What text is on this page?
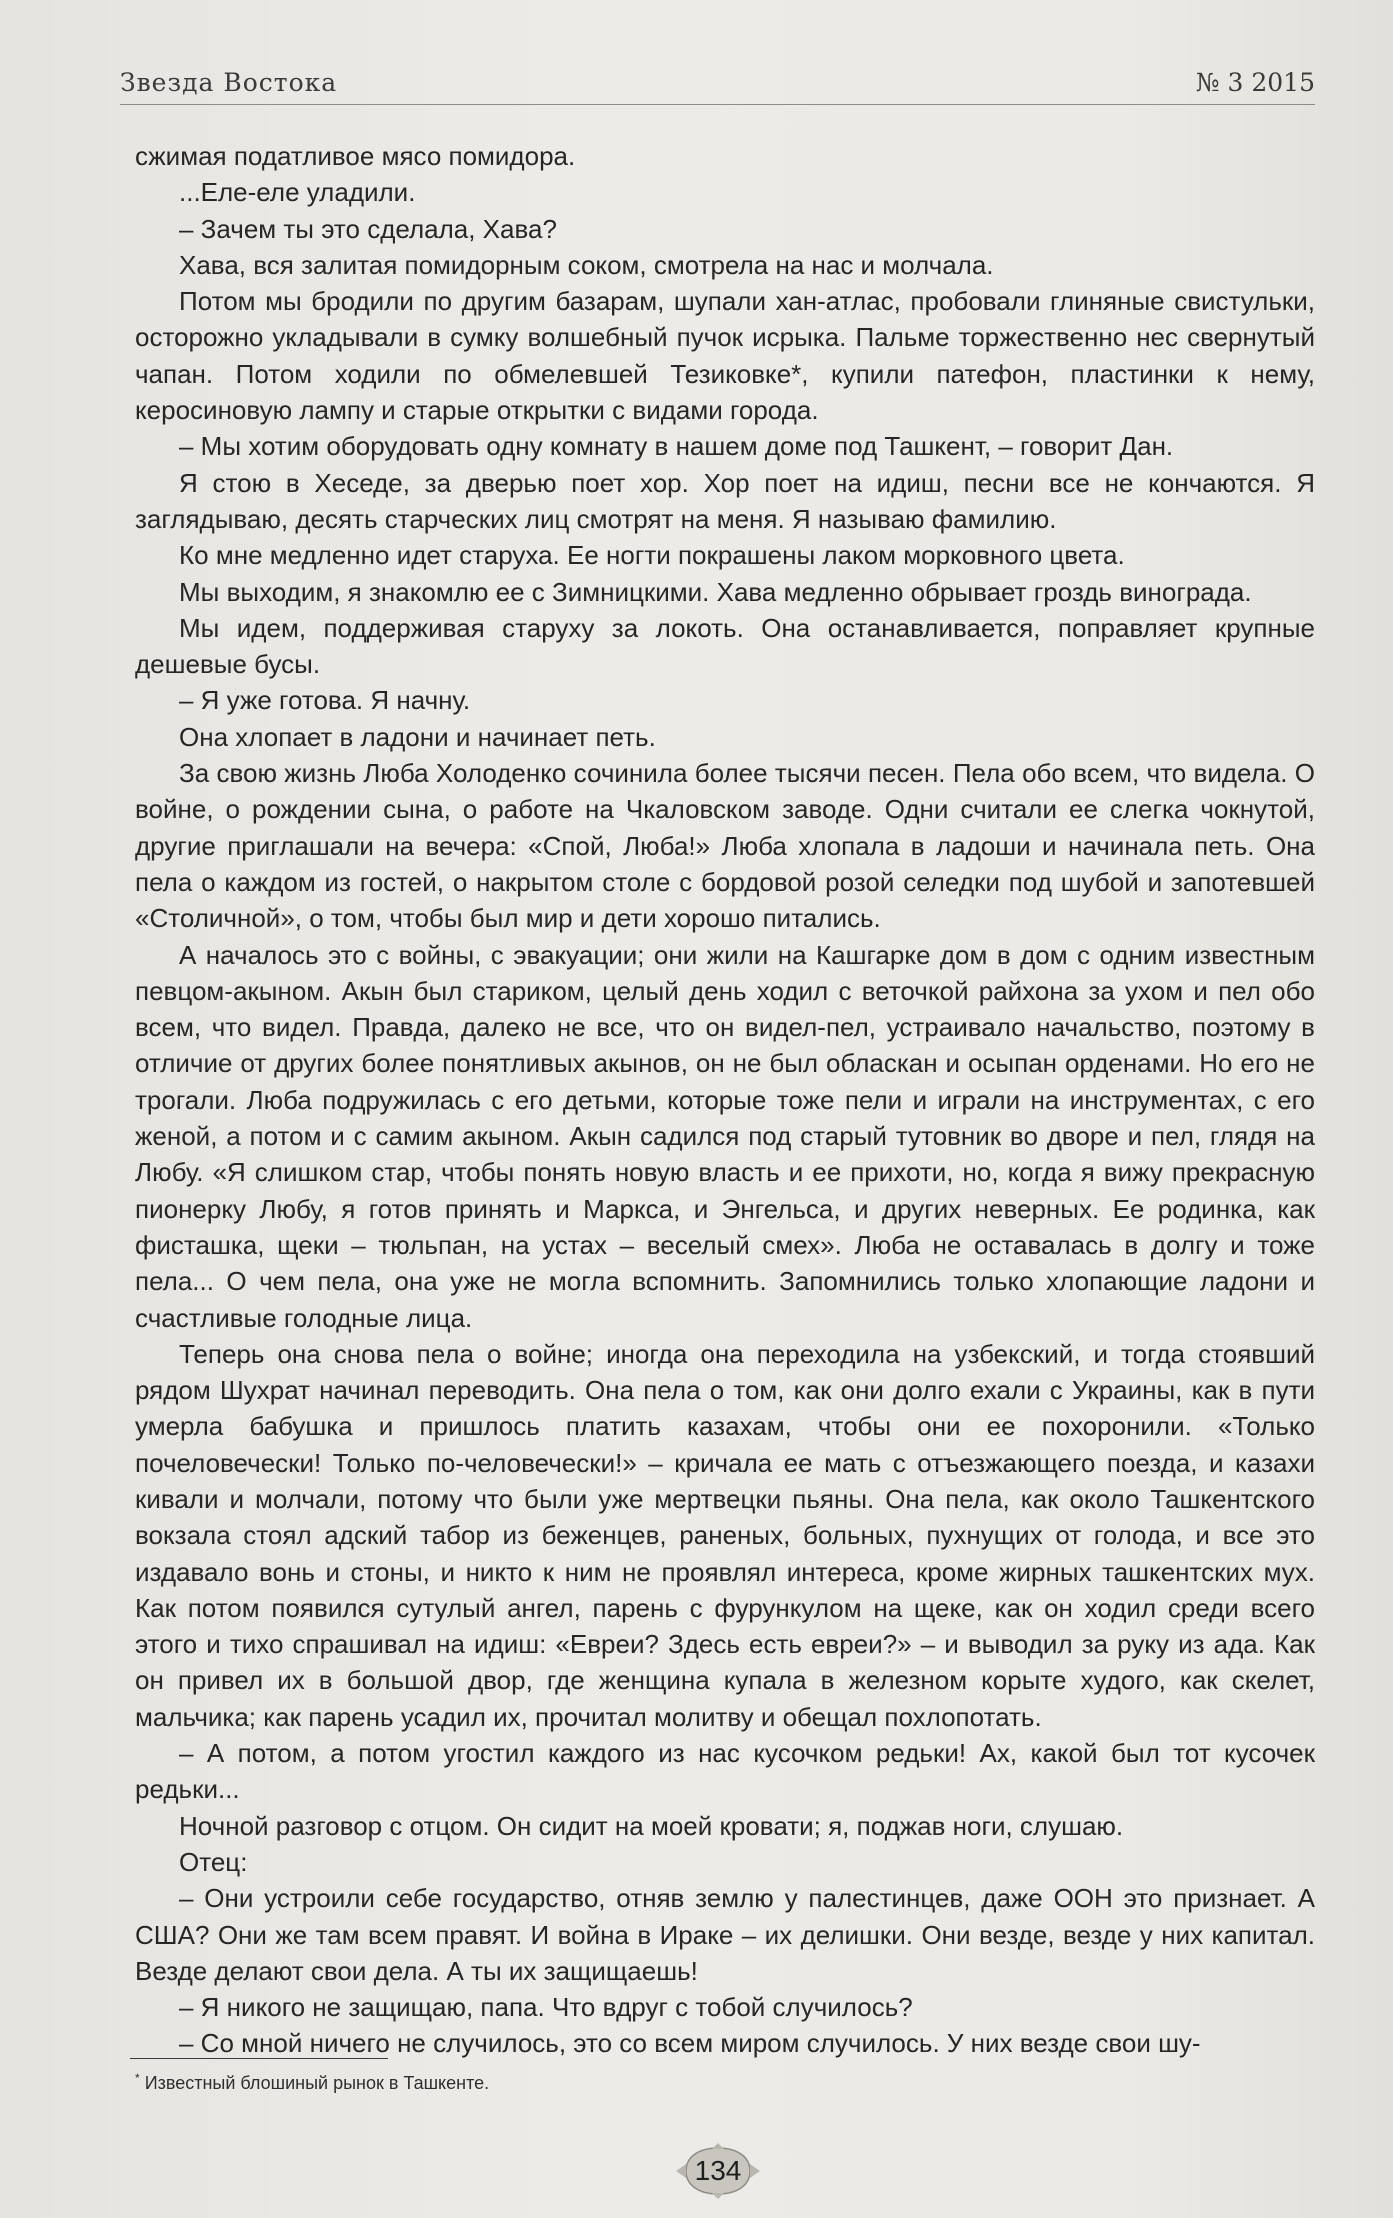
Звезда Востока	№ 3 2015

сжимая податливое мясо помидора.

...Еле-еле уладили.

– Зачем ты это сделала, Хава?

Хава, вся залитая помидорным соком, смотрела на нас и молчала.

Потом мы бродили по другим базарам, шупали хан-атлас, пробовали глиняные свистульки, осторожно укладывали в сумку волшебный пучок исрыка. Пальме торжественно нес свернутый чапан. Потом ходили по обмелевшей Тезиковке*, купили патефон, пластинки к нему, керосиновую лампу и старые открытки с видами города.

– Мы хотим оборудовать одну комнату в нашем доме под Ташкент, – говорит Дан.

Я стою в Хеседе, за дверью поет хор. Хор поет на идиш, песни все не кончаются. Я заглядываю, десять старческих лиц смотрят на меня. Я называю фамилию.

Ко мне медленно идет старуха. Ее ногти покрашены лаком морковного цвета.

Мы выходим, я знакомлю ее с Зимницкими. Хава медленно обрывает гроздь винограда.

Мы идем, поддерживая старуху за локоть. Она останавливается, поправляет крупные дешевые бусы.

– Я уже готова. Я начну.

Она хлопает в ладони и начинает петь.

За свою жизнь Люба Холоденко сочинила более тысячи песен. Пела обо всем, что видела. О войне, о рождении сына, о работе на Чкаловском заводе. Одни считали ее слегка чокнутой, другие приглашали на вечера: «Спой, Люба!» Люба хлопала в ладоши и начинала петь. Она пела о каждом из гостей, о накрытом столе с бордовой розой селедки под шубой и запотевшей «Столичной», о том, чтобы был мир и дети хорошо питались.

А началось это с войны, с эвакуации; они жили на Кашгарке дом в дом с одним известным певцом-акыном. Акын был стариком, целый день ходил с веточкой райхона за ухом и пел обо всем, что видел. Правда, далеко не все, что он видел-пел, устраивало начальство, поэтому в отличие от других более понятливых акынов, он не был обласкан и осыпан орденами. Но его не трогали. Люба подружилась с его детьми, которые тоже пели и играли на инструментах, с его женой, а потом и с самим акыном. Акын садился под старый тутовник во дворе и пел, глядя на Любу. «Я слишком стар, чтобы понять новую власть и ее прихоти, но, когда я вижу прекрасную пионерку Любу, я готов принять и Маркса, и Энгельса, и других неверных. Ее родинка, как фисташка, щеки – тюльпан, на устах – веселый смех». Люба не оставалась в долгу и тоже пела... О чем пела, она уже не могла вспомнить. Запомнились только хлопающие ладони и счастливые голодные лица.

Теперь она снова пела о войне; иногда она переходила на узбекский, и тогда стоявший рядом Шухрат начинал переводить. Она пела о том, как они долго ехали с Украины, как в пути умерла бабушка и пришлось платить казахам, чтобы они ее похоронили. «Только почеловечески! Только по-человечески!» – кричала ее мать с отъезжающего поезда, и казахи кивали и молчали, потому что были уже мертвецки пьяны. Она пела, как около Ташкентского вокзала стоял адский табор из беженцев, раненых, больных, пухнущих от голода, и все это издавало вонь и стоны, и никто к ним не проявлял интереса, кроме жирных ташкентских мух. Как потом появился сутулый ангел, парень с фурункулом на щеке, как он ходил среди всего этого и тихо спрашивал на идиш: «Евреи? Здесь есть евреи?» – и выводил за руку из ада. Как он привел их в большой двор, где женщина купала в железном корыте худого, как скелет, мальчика; как парень усадил их, прочитал молитву и обещал похлопотать.

– А потом, а потом угостил каждого из нас кусочком редьки! Ах, какой был тот кусочек редьки...

Ночной разговор с отцом. Он сидит на моей кровати; я, поджав ноги, слушаю.

Отец:

– Они устроили себе государство, отняв землю у палестинцев, даже ООН это признает. А США? Они же там всем правят. И война в Ираке – их делишки. Они везде, везде у них капитал. Везде делают свои дела. А ты их защищаешь!

– Я никого не защищаю, папа. Что вдруг с тобой случилось?

– Со мной ничего не случилось, это со всем миром случилось. У них везде свои шу-

* Известный блошиный рынок в Ташкенте.
134
